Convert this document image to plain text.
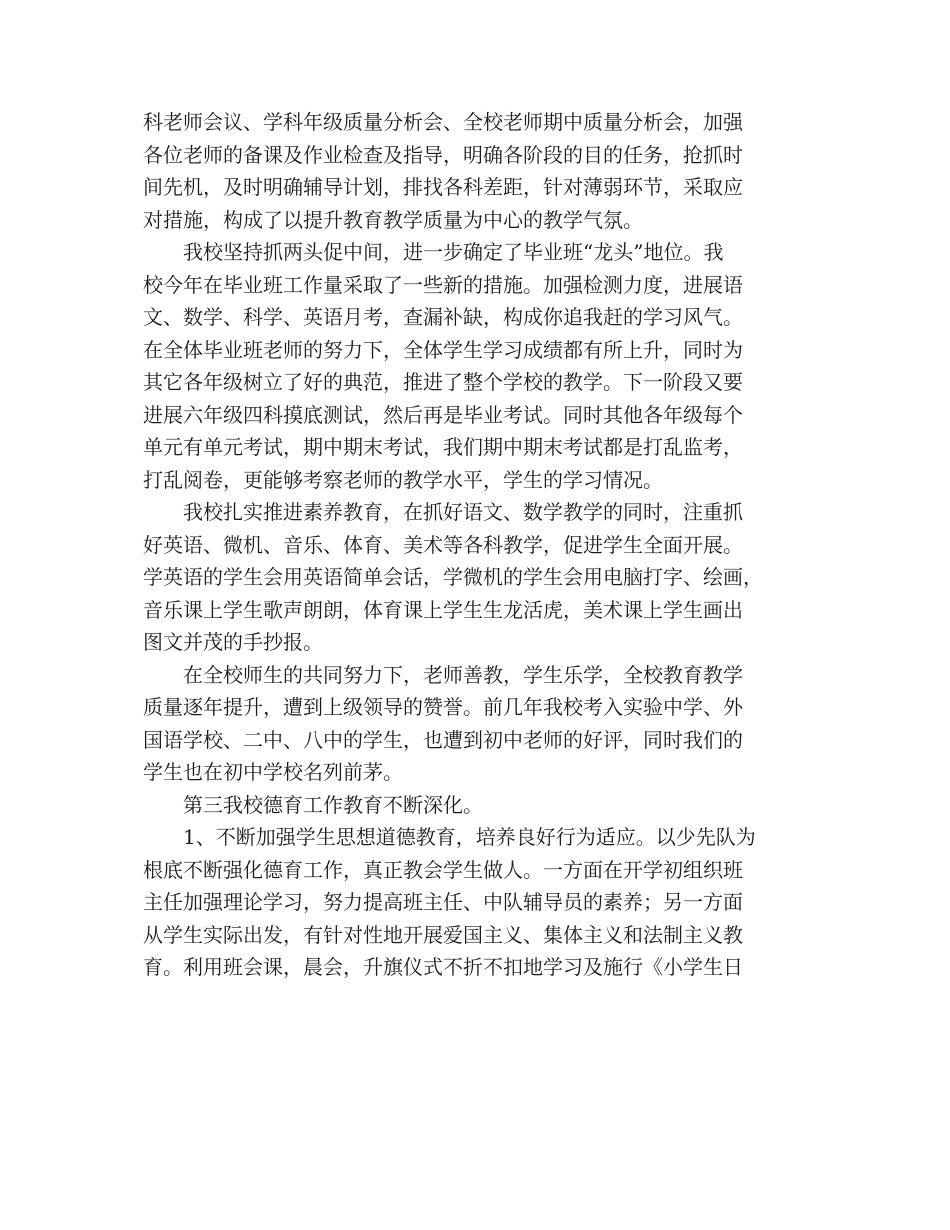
科老师会议、学科年级质量分析会、全校老师期中质量分析会，加强
各位老师的备课及作业检查及指导，明确各阶段的目的任务，抢抓时
间先机，及时明确辅导计划，排找各科差距，针对薄弱环节，采取应
对措施，构成了以提升教育教学质量为中心的教学气氛。
我校坚持抓两头促中间，进一步确定了毕业班“龙头”地位。我
校今年在毕业班工作量采取了一些新的措施。加强检测力度，进展语
文、数学、科学、英语月考，查漏补缺，构成你追我赶的学习风气。
在全体毕业班老师的努力下，全体学生学习成绩都有所上升，同时为
其它各年级树立了好的典范，推进了整个学校的教学。下一阶段又要
进展六年级四科摸底测试，然后再是毕业考试。同时其他各年级每个
单元有单元考试，期中期末考试，我们期中期末考试都是打乱监考，
打乱阅卷，更能够考察老师的教学水平，学生的学习情况。
我校扎实推进素养教育，在抓好语文、数学教学的同时，注重抓
好英语、微机、音乐、体育、美术等各科教学，促进学生全面开展。
学英语的学生会用英语简单会话，学微机的学生会用电脑打字、绘画，
音乐课上学生歌声朗朗，体育课上学生生龙活虎，美术课上学生画出
图文并茂的手抄报。
在全校师生的共同努力下，老师善教，学生乐学，全校教育教学
质量逐年提升，遭到上级领导的赞誉。前几年我校考入实验中学、外
国语学校、二中、八中的学生，也遭到初中老师的好评，同时我们的
学生也在初中学校名列前茅。
第三我校德育工作教育不断深化。
1、不断加强学生思想道德教育，培养良好行为适应。以少先队为
根底不断强化德育工作，真正教会学生做人。一方面在开学初组织班
主任加强理论学习，努力提高班主任、中队辅导员的素养；另一方面
从学生实际出发，有针对性地开展爱国主义、集体主义和法制主义教
育。利用班会课，晨会，升旗仪式不折不扣地学习及施行《小学生日
